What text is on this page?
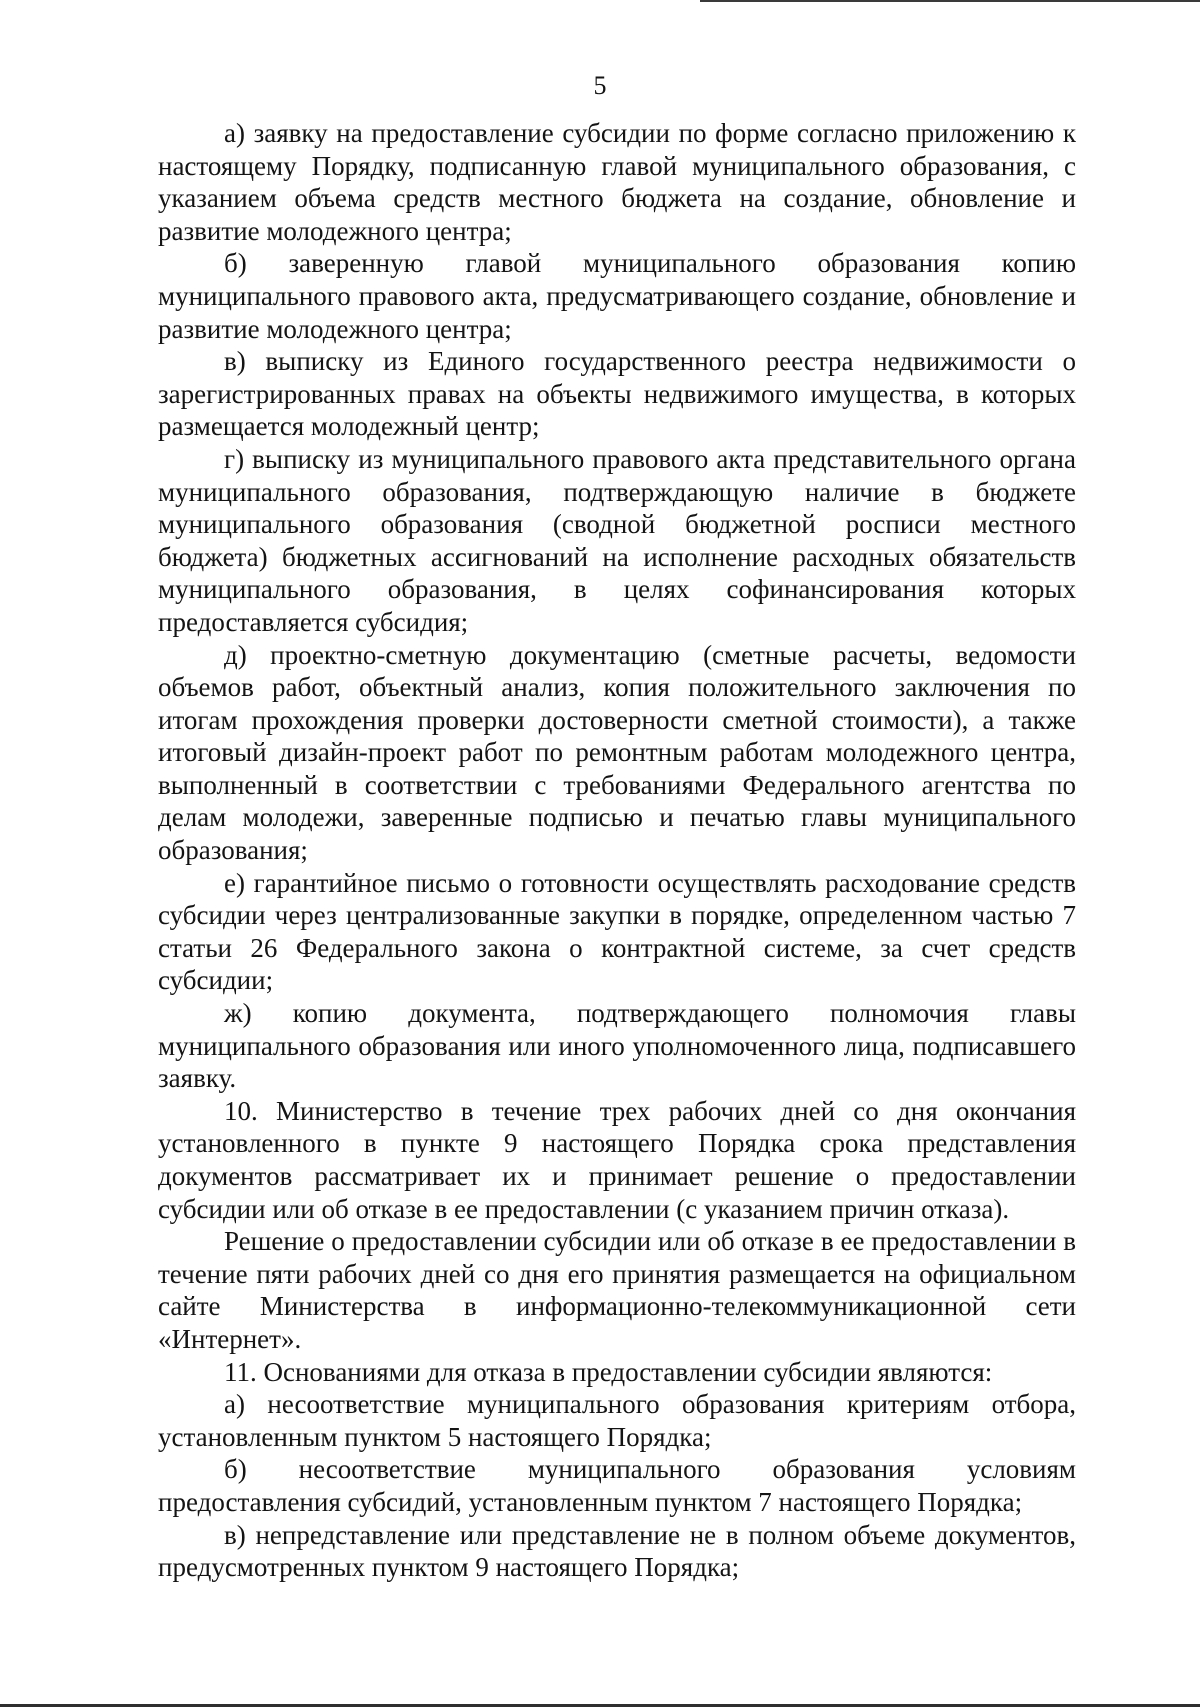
5

а) заявку на предоставление субсидии по форме согласно приложению к настоящему Порядку, подписанную главой муниципального образования, с указанием объема средств местного бюджета на создание, обновление и развитие молодежного центра;

б) заверенную главой муниципального образования копию муниципального правового акта, предусматривающего создание, обновление и развитие молодежного центра;

в) выписку из Единого государственного реестра недвижимости о зарегистрированных правах на объекты недвижимого имущества, в которых размещается молодежный центр;

г) выписку из муниципального правового акта представительного органа муниципального образования, подтверждающую наличие в бюджете муниципального образования (сводной бюджетной росписи местного бюджета) бюджетных ассигнований на исполнение расходных обязательств муниципального образования, в целях софинансирования которых предоставляется субсидия;

д) проектно-сметную документацию (сметные расчеты, ведомости объемов работ, объектный анализ, копия положительного заключения по итогам прохождения проверки достоверности сметной стоимости), а также итоговый дизайн-проект работ по ремонтным работам молодежного центра, выполненный в соответствии с требованиями Федерального агентства по делам молодежи, заверенные подписью и печатью главы муниципального образования;

е) гарантийное письмо о готовности осуществлять расходование средств субсидии через централизованные закупки в порядке, определенном частью 7 статьи 26 Федерального закона о контрактной системе, за счет средств субсидии;

ж) копию документа, подтверждающего полномочия главы муниципального образования или иного уполномоченного лица, подписавшего заявку.

10. Министерство в течение трех рабочих дней со дня окончания установленного в пункте 9 настоящего Порядка срока представления документов рассматривает их и принимает решение о предоставлении субсидии или об отказе в ее предоставлении (с указанием причин отказа).

Решение о предоставлении субсидии или об отказе в ее предоставлении в течение пяти рабочих дней со дня его принятия размещается на официальном сайте Министерства в информационно-телекоммуникационной сети «Интернет».

11. Основаниями для отказа в предоставлении субсидии являются:

а) несоответствие муниципального образования критериям отбора, установленным пунктом 5 настоящего Порядка;

б) несоответствие муниципального образования условиям предоставления субсидий, установленным пунктом 7 настоящего Порядка;

в) непредставление или представление не в полном объеме документов, предусмотренных пунктом 9 настоящего Порядка;
